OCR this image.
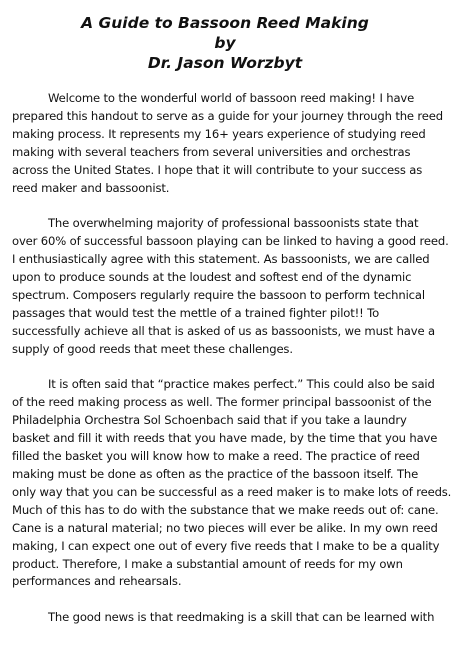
A Guide to Bassoon Reed Making
by
Dr. Jason Worzbyt
Welcome to the wonderful world of bassoon reed making! I have
prepared this handout to serve as a guide for your journey through the reed
making process. It represents my 16+ years experience of studying reed
making with several teachers from several universities and orchestras
across the United States. I hope that it will contribute to your success as
reed maker and bassoonist.
The overwhelming majority of professional bassoonists state that
over 60% of successful bassoon playing can be linked to having a good reed.
I enthusiastically agree with this statement. As bassoonists, we are called
upon to produce sounds at the loudest and softest end of the dynamic
spectrum. Composers regularly require the bassoon to perform technical
passages that would test the mettle of a trained fighter pilot!! To
successfully achieve all that is asked of us as bassoonists, we must have a
supply of good reeds that meet these challenges.
It is often said that “practice makes perfect.” This could also be said
of the reed making process as well. The former principal bassoonist of the
Philadelphia Orchestra Sol Schoenbach said that if you take a laundry
basket and fill it with reeds that you have made, by the time that you have
filled the basket you will know how to make a reed. The practice of reed
making must be done as often as the practice of the bassoon itself. The
only way that you can be successful as a reed maker is to make lots of reeds.
Much of this has to do with the substance that we make reeds out of: cane.
Cane is a natural material; no two pieces will ever be alike. In my own reed
making, I can expect one out of every five reeds that I make to be a quality
product. Therefore, I make a substantial amount of reeds for my own
performances and rehearsals.
The good news is that reedmaking is a skill that can be learned with
